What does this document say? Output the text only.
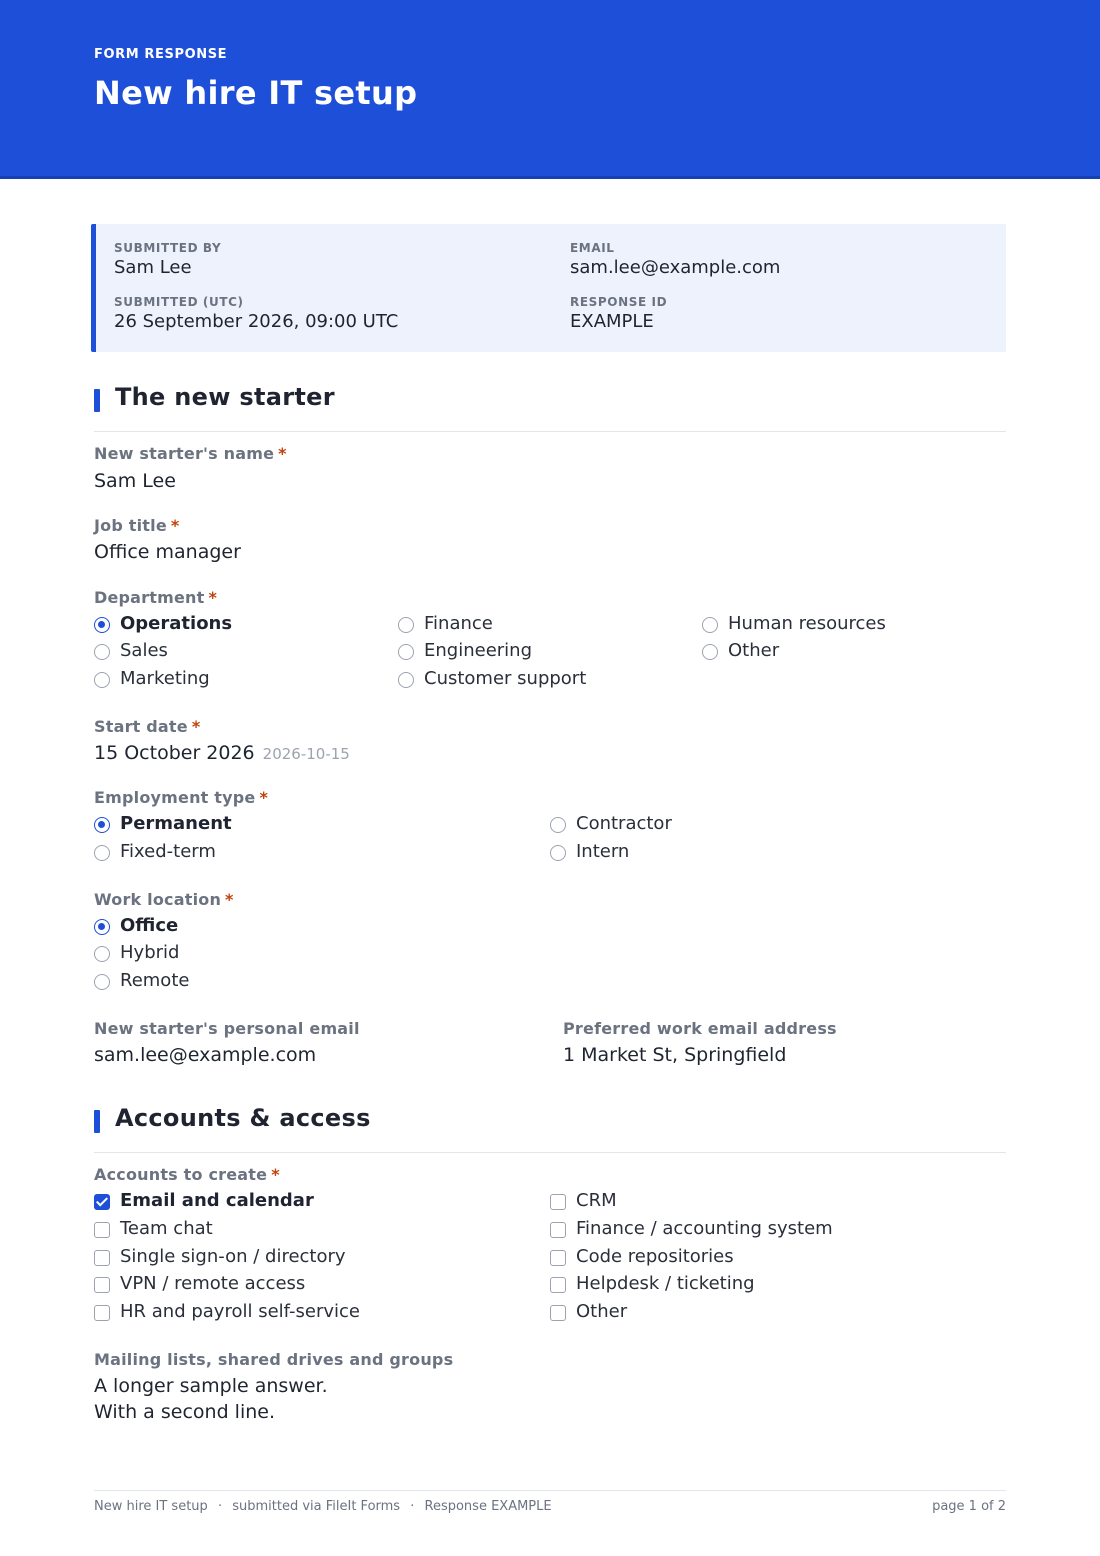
FORM RESPONSE
New hire IT setup
SUBMITTED BY
Sam Lee
EMAIL
sam.lee@example.com
SUBMITTED (UTC)
26 September 2026, 09:00 UTC
RESPONSE ID
EXAMPLE
The new starter
New starter's name *
Sam Lee
Job title *
Office manager
Department *
Operations
Sales
Marketing
Finance
Engineering
Customer support
Human resources
Other
Start date *
15 October 2026 2026-10-15
Employment type *
Permanent
Fixed-term
Contractor
Intern
Work location *
Office
Hybrid
Remote
New starter's personal email
sam.lee@example.com
Preferred work email address
1 Market St, Springfield
Accounts & access
Accounts to create *
Email and calendar
Team chat
Single sign-on / directory
VPN / remote access
HR and payroll self-service
CRM
Finance / accounting system
Code repositories
Helpdesk / ticketing
Other
Mailing lists, shared drives and groups
A longer sample answer.
With a second line.
New hire IT setup · submitted via FileIt Forms · Response EXAMPLE	page 1 of 2
